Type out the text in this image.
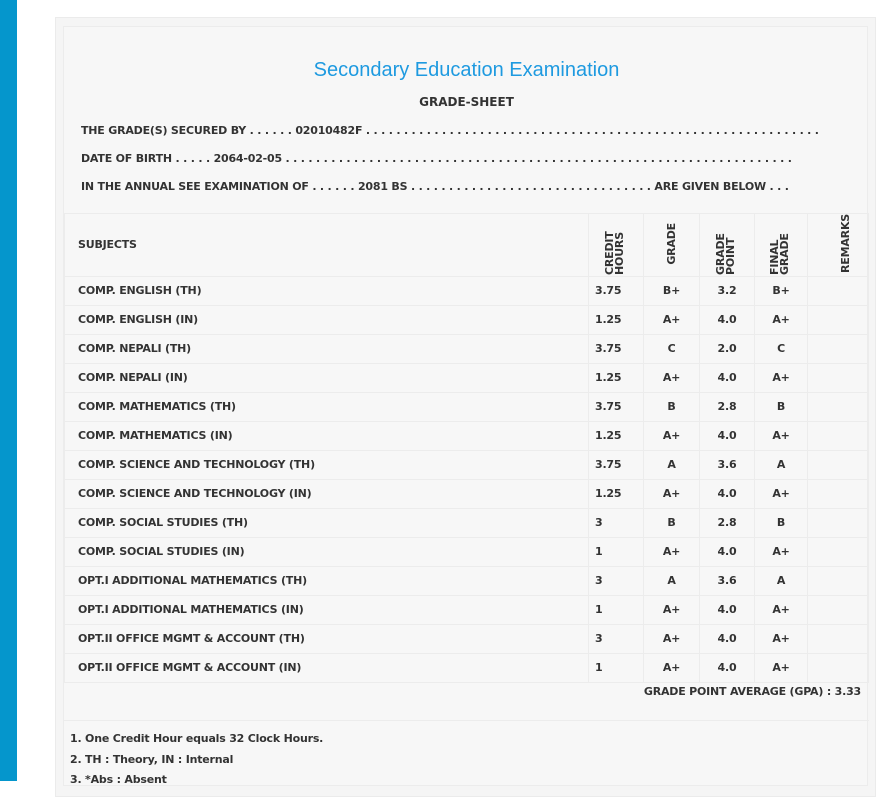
Secondary Education Examination
GRADE-SHEET
THE GRADE(S) SECURED BY . . . . . . 02010482F . . . . . . . . . . . . . . . . . . . . . . . . . . . . . . . . . . . . . . . . . . . . . . . . . . . . . . . . . . . .
DATE OF BIRTH . . . . . 2064-02-05 . . . . . . . . . . . . . . . . . . . . . . . . . . . . . . . . . . . . . . . . . . . . . . . . . . . . . . . . . . . . . . . . . . .
IN THE ANNUAL SEE EXAMINATION OF . . . . . . 2081 BS . . . . . . . . . . . . . . . . . . . . . . . . . . . . . . . . ARE GIVEN BELOW . . .
SUBJECTS	CREDIT HOURS	GRADE	GRADE POINT	FINAL GRADE	REMARKS
COMP. ENGLISH (TH)	3.75	B+	3.2	B+	
COMP. ENGLISH (IN)	1.25	A+	4.0	A+	
COMP. NEPALI (TH)	3.75	C	2.0	C	
COMP. NEPALI (IN)	1.25	A+	4.0	A+	
COMP. MATHEMATICS (TH)	3.75	B	2.8	B	
COMP. MATHEMATICS (IN)	1.25	A+	4.0	A+	
COMP. SCIENCE AND TECHNOLOGY (TH)	3.75	A	3.6	A	
COMP. SCIENCE AND TECHNOLOGY (IN)	1.25	A+	4.0	A+	
COMP. SOCIAL STUDIES (TH)	3	B	2.8	B	
COMP. SOCIAL STUDIES (IN)	1	A+	4.0	A+	
OPT.I ADDITIONAL MATHEMATICS (TH)	3	A	3.6	A	
OPT.I ADDITIONAL MATHEMATICS (IN)	1	A+	4.0	A+	
OPT.II OFFICE MGMT & ACCOUNT (TH)	3	A+	4.0	A+	
OPT.II OFFICE MGMT & ACCOUNT (IN)	1	A+	4.0	A+	
GRADE POINT AVERAGE (GPA) : 3.33
1. One Credit Hour equals 32 Clock Hours.
2. TH : Theory, IN : Internal
3. *Abs : Absent
